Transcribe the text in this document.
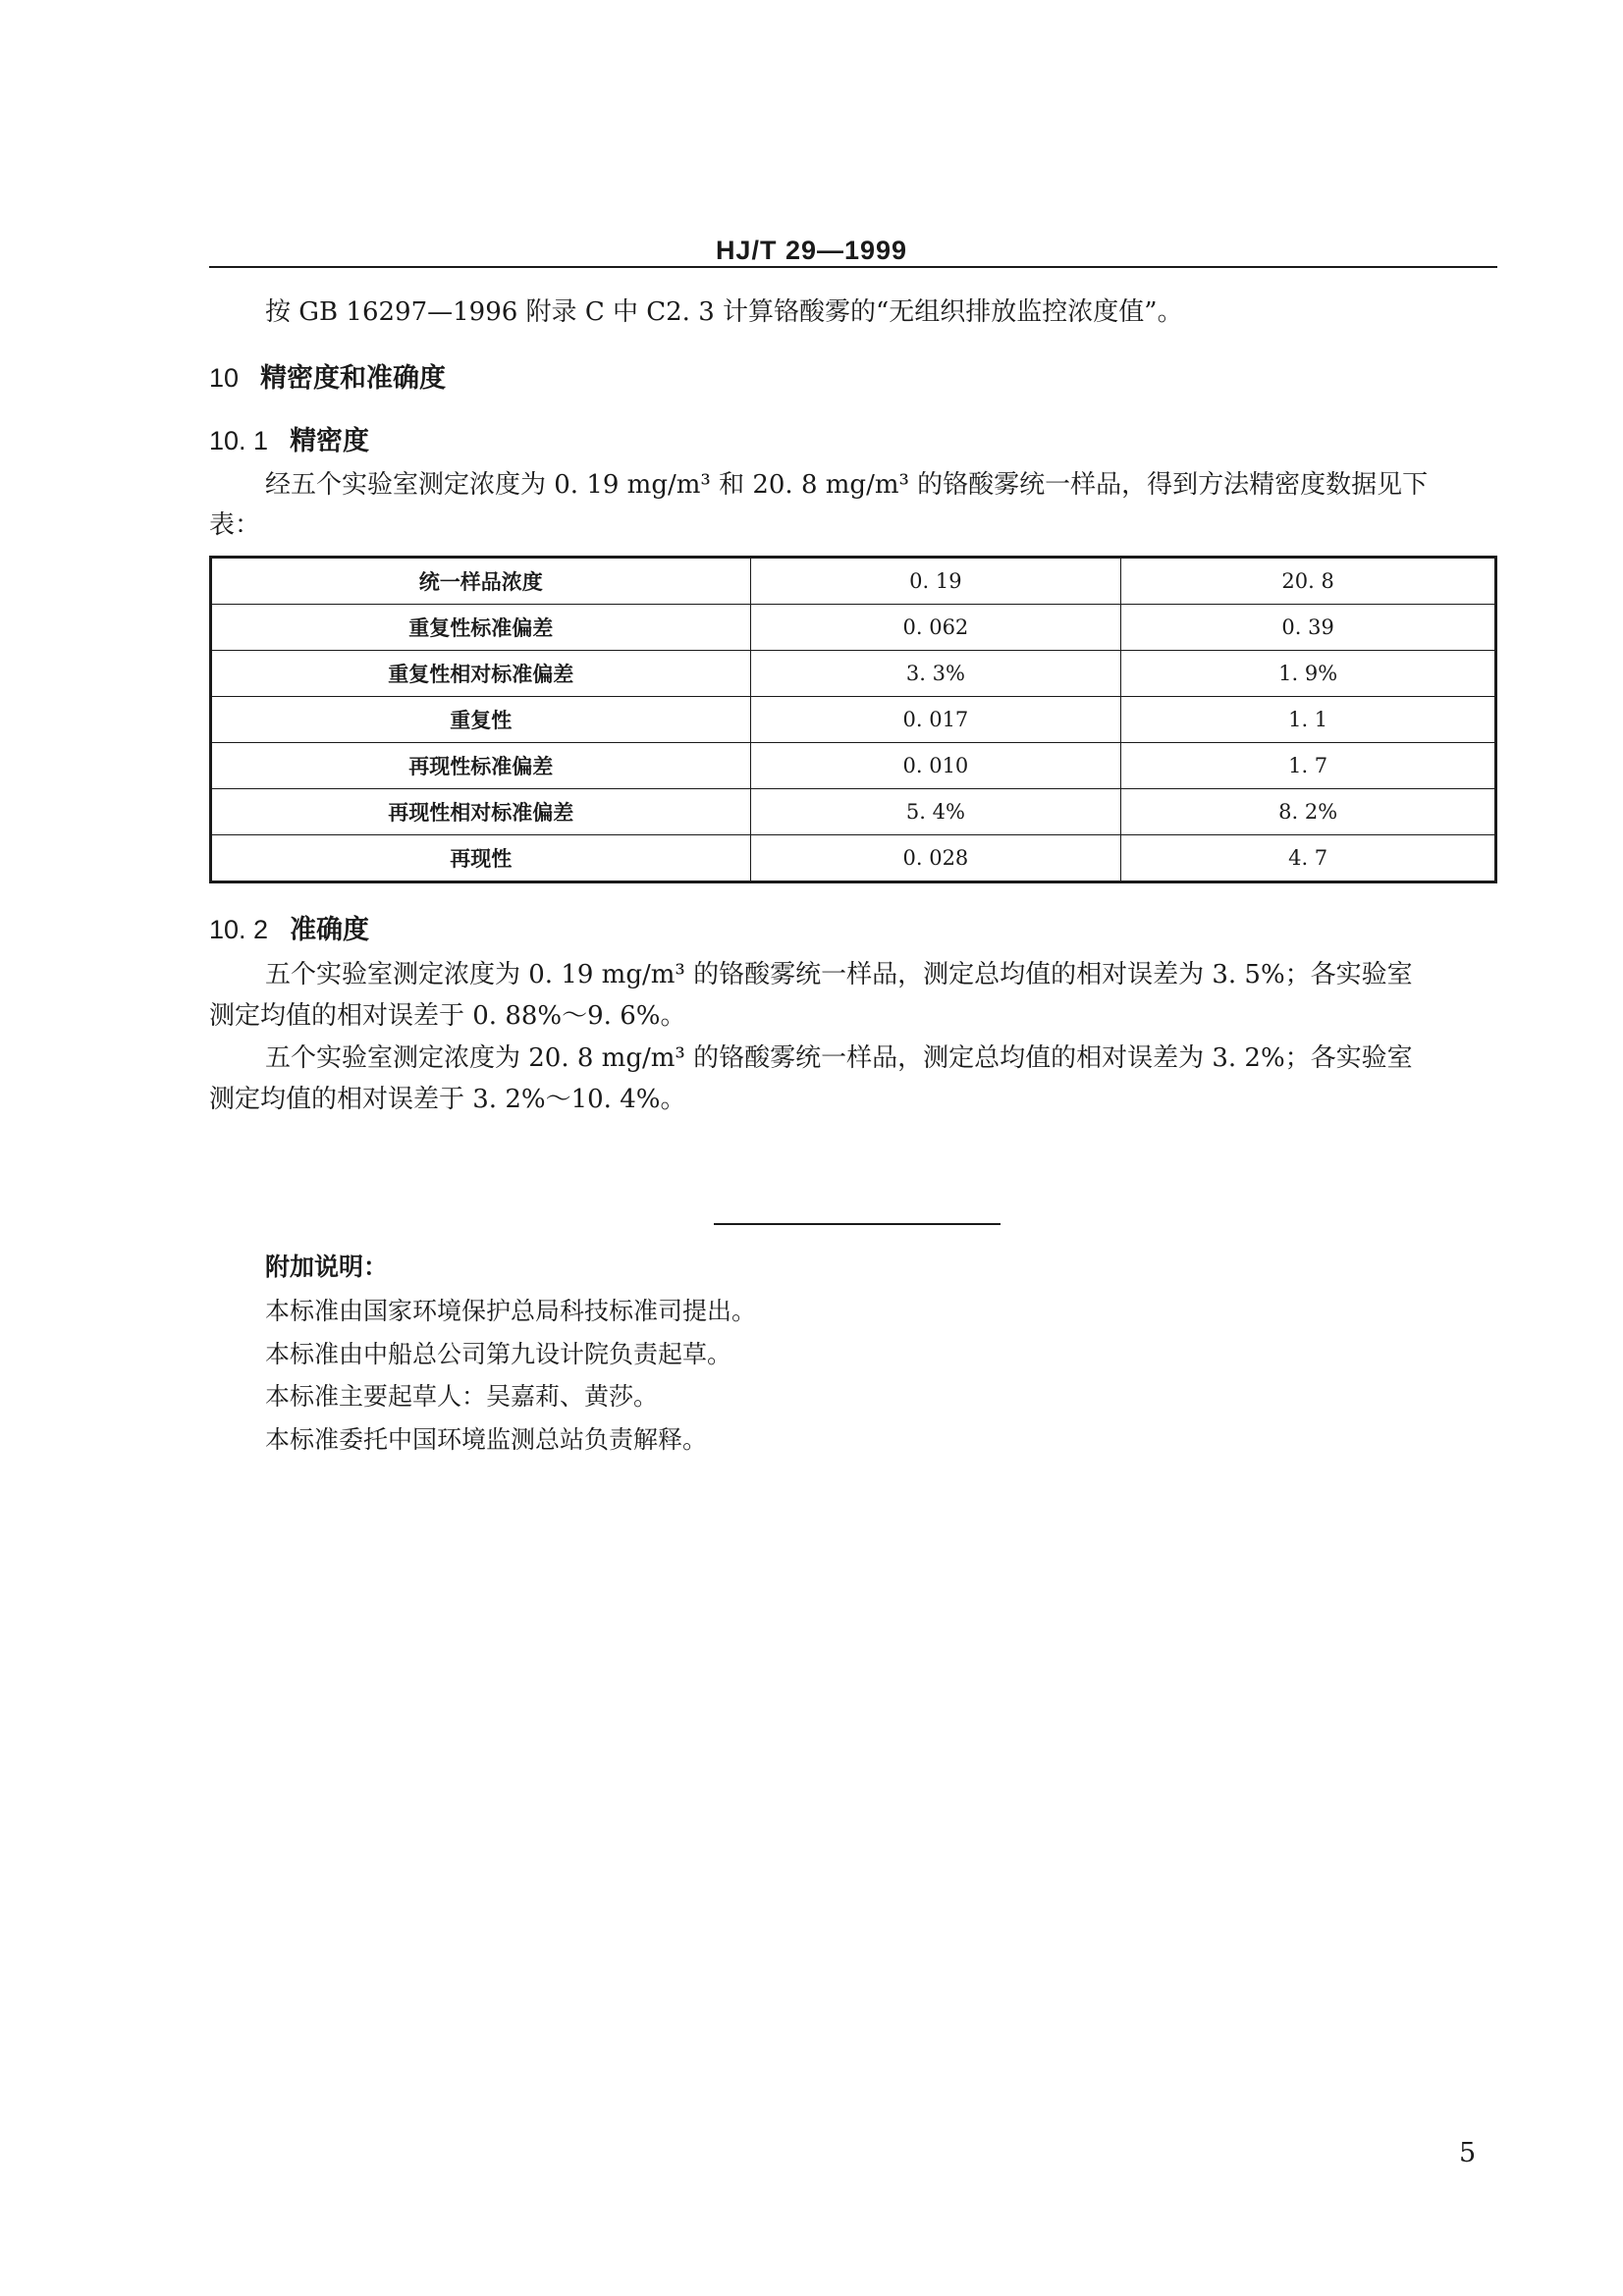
HJ/T 29—1999
按 GB 16297—1996 附录 C 中 C2. 3 计算铬酸雾的“无组织排放监控浓度值”。
10 精密度和准确度
10. 1 精密度
经五个实验室测定浓度为 0. 19 mg/m³ 和 20. 8 mg/m³ 的铬酸雾统一样品，得到方法精密度数据见下
表：
统一样品浓度	0. 19	20. 8
重复性标准偏差	0. 062	0. 39
重复性相对标准偏差	3. 3%	1. 9%
重复性	0. 017	1. 1
再现性标准偏差	0. 010	1. 7
再现性相对标准偏差	5. 4%	8. 2%
再现性	0. 028	4. 7
10. 2 准确度
五个实验室测定浓度为 0. 19 mg/m³ 的铬酸雾统一样品，测定总均值的相对误差为 3. 5%；各实验室
测定均值的相对误差于 0. 88%～9. 6%。
五个实验室测定浓度为 20. 8 mg/m³ 的铬酸雾统一样品，测定总均值的相对误差为 3. 2%；各实验室
测定均值的相对误差于 3. 2%～10. 4%。
附加说明：
本标准由国家环境保护总局科技标准司提出。
本标准由中船总公司第九设计院负责起草。
本标准主要起草人：吴嘉莉、黄莎。
本标准委托中国环境监测总站负责解释。
5
